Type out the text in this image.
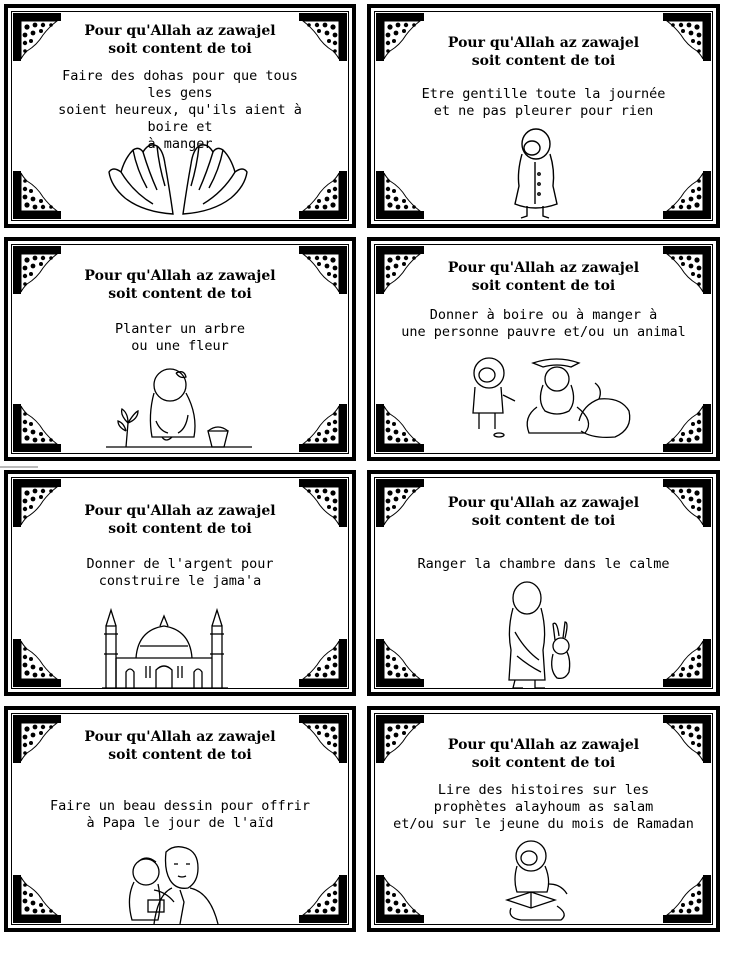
Pour qu'Allah az zawajel
soit content de toi
Faire des dohas pour que tous les gens
soient heureux, qu'ils aient à boire et
à manger
Pour qu'Allah az zawajel
soit content de toi
Etre gentille toute la journée
et ne pas pleurer pour rien
Pour qu'Allah az zawajel
soit content de toi
Planter un arbre
ou une fleur
Pour qu'Allah az zawajel
soit content de toi
Donner à boire ou à manger à
une personne pauvre et/ou un animal
Pour qu'Allah az zawajel
soit content de toi
Donner de l'argent pour
construire le jama'a
Pour qu'Allah az zawajel
soit content de toi
Ranger la chambre dans le calme
Pour qu'Allah az zawajel
soit content de toi
Faire un beau dessin pour offrir
à Papa le jour de l'aïd
Pour qu'Allah az zawajel
soit content de toi
Lire des histoires sur les
prophètes alayhoum as salam
et/ou sur le jeune du mois de Ramadan
